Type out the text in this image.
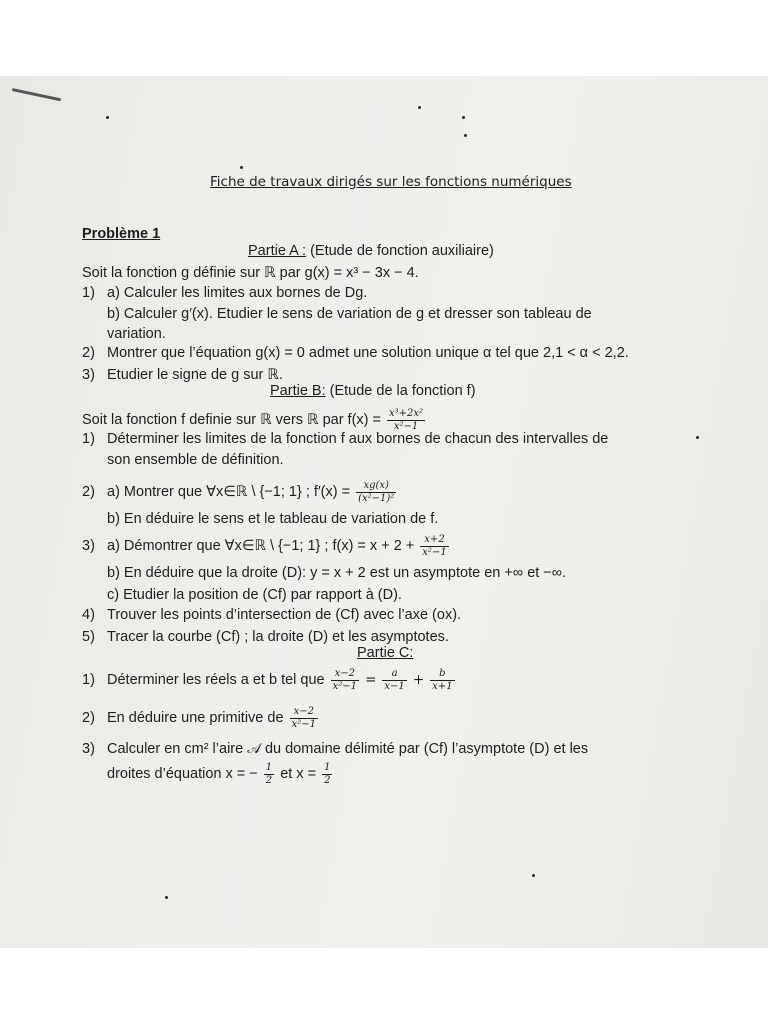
Fiche de travaux dirigés sur les fonctions numériques
Problème 1
Partie A : (Etude de fonction auxiliaire)
Soit la fonction g définie sur ℝ par g(x) = x³ − 3x − 4.
1) a) Calculer les limites aux bornes de Dg.
b) Calculer g′(x). Etudier le sens de variation de g et dresser son tableau de
variation.
2) Montrer que l’équation g(x) = 0 admet une solution unique α tel que 2,1 < α < 2,2.
3) Etudier le signe de g sur ℝ.
Partie B: (Etude de la fonction f)
Soit la fonction f definie sur ℝ vers ℝ par $f(x) = \frac{\text{x³+2x²}}{\text{x²−1}}$
1) Déterminer les limites de la fonction f aux bornes de chacun des intervalles de
son ensemble de définition.
2) a) Montrer que ∀x∈ℝ \ {−1; 1} ; $f'(x) = \frac{xg(x)}{\text{(x²−1)²}}$
b) En déduire le sens et le tableau de variation de f.
3) a) Démontrer que ∀x∈ℝ \ {−1; 1} ; $f(x) = x + 2 + \frac{x+2}{\text{x²−1}}$
b) En déduire que la droite (D): y = x + 2 est un asymptote en +∞ et −∞.
c) Etudier la position de (Cf) par rapport à (D).
4) Trouver les points d’intersection de (Cf) avec l’axe (ox).
5) Tracer la courbe (Cf) ; la droite (D) et les asymptotes.
Partie C:
1) Déterminer les réels a et b tel que $\frac{x-2}{\text{x²−1}} = \frac{a}{x-1} + \frac{b}{x+1}$
2) En déduire une primitive de $\frac{x-2}{\text{x²−1}}$
3) Calculer en cm² l’aire 𝒜 du domaine délimité par (Cf) l’asymptote (D) et les
droites d’équation x = − $\frac{1}{2}$ et $x = \frac{1}{2}$
